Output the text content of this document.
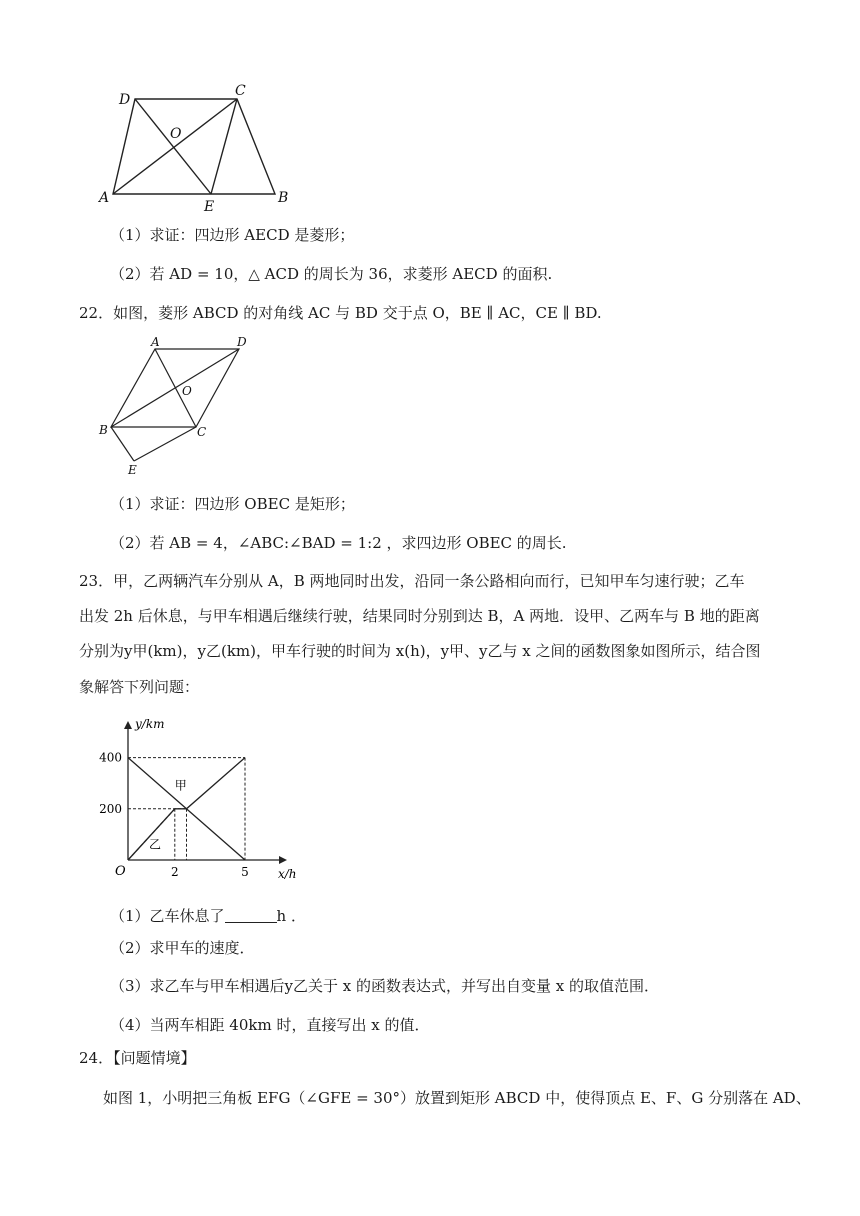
D
C
O
A
E
B
（1）求证：四边形 AECD 是菱形；
（2）若 AD = 10，△ ACD 的周长为 36，求菱形 AECD 的面积.
22．如图，菱形 ABCD 的对角线 AC 与 BD 交于点 O，BE ∥ AC，CE ∥ BD.
A	D
O
B	C
E
（1）求证：四边形 OBEC 是矩形；
（2）若 AB = 4，∠ABC:∠BAD = 1:2 ，求四边形 OBEC 的周长.
23．甲，乙两辆汽车分别从 A，B 两地同时出发，沿同一条公路相向而行，已知甲车匀速行驶；乙车
出发 2h 后休息，与甲车相遇后继续行驶，结果同时分别到达 B，A 两地．设甲、乙两车与 B 地的距离
分别为y甲(km)，y乙(km)，甲车行驶的时间为 x(h)，y甲、y乙与 x 之间的函数图象如图所示，结合图
象解答下列问题：
y/km
x/h
O
200
400
2	5
甲
乙
（1）乙车休息了	h ．
（2）求甲车的速度．
（3）求乙车与甲车相遇后y乙关于 x 的函数表达式，并写出自变量 x 的取值范围．
（4）当两车相距 40km 时，直接写出 x 的值．
24．【问题情境】
如图 1，小明把三角板 EFG（∠GFE = 30°）放置到矩形 ABCD 中，使得顶点 E、F、G 分别落在 AD、
